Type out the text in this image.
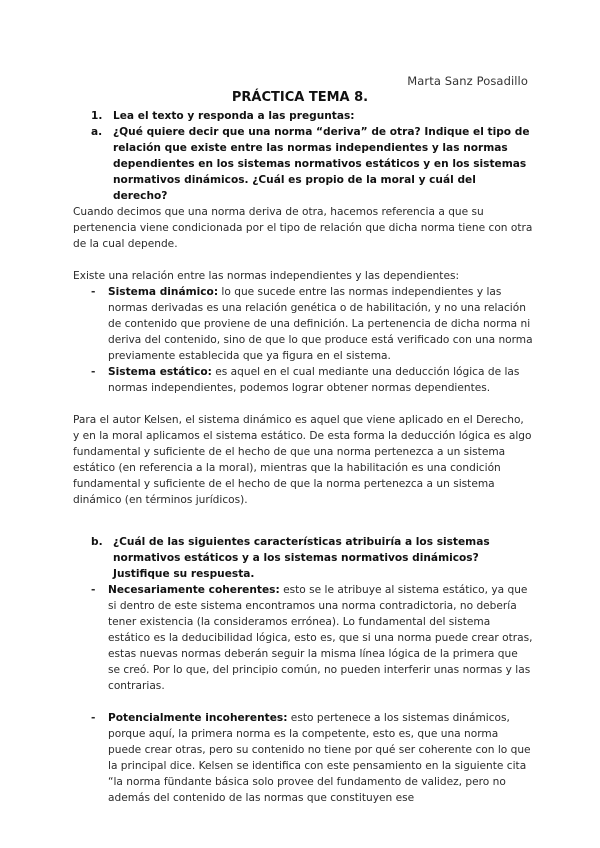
Marta Sanz Posadillo
PRÁCTICA TEMA 8.
1. Lea el texto y responda a las preguntas:
a.	¿Qué quiere decir que una norma “deriva” de otra? Indique el tipo de relación que existe entre las normas independientes y las normas dependientes en los sistemas normativos estáticos y en los sistemas normativos dinámicos. ¿Cuál es propio de la moral y cuál del derecho?

Cuando decimos que una norma deriva de otra, hacemos referencia a que su pertenencia viene condicionada por el tipo de relación que dicha norma tiene con otra de la cual depende.

Existe una relación entre las normas independientes y las dependientes:

-	Sistema dinámico: lo que sucede entre las normas independientes y las normas derivadas es una relación genética o de habilitación, y no una relación de contenido que proviene de una definición. La pertenencia de dicha norma ni deriva del contenido, sino de que lo que produce está verificado con una norma previamente establecida que ya figura en el sistema.
-	Sistema estático: es aquel en el cual mediante una deducción lógica de las normas independientes, podemos lograr obtener normas dependientes.

Para el autor Kelsen, el sistema dinámico es aquel que viene aplicado en el Derecho, y en la moral aplicamos el sistema estático. De esta forma la deducción lógica es algo fundamental y suficiente de el hecho de que una norma pertenezca a un sistema estático (en referencia a la moral), mientras que la habilitación es una condición fundamental y suficiente de el hecho de que la norma pertenezca a un sistema dinámico (en términos jurídicos).

b. ¿Cuál de las siguientes características atribuiría a los sistemas normativos estáticos y a los sistemas normativos dinámicos? Justifique su respuesta.
-	Necesariamente coherentes: esto se le atribuye al sistema estático, ya que si dentro de este sistema encontramos una norma contradictoria, no debería tener existencia (la consideramos errónea). Lo fundamental del sistema estático es la deducibilidad lógica, esto es, que si una norma puede crear otras, estas nuevas normas deberán seguir la misma línea lógica de la primera que se creó. Por lo que, del principio común, no pueden interferir unas normas y las contrarias.
-	Potencialmente incoherentes: esto pertenece a los sistemas dinámicos, porque aquí, la primera norma es la competente, esto es, que una norma puede crear otras, pero su contenido no tiene por qué ser coherente con lo que la principal dice. Kelsen se identifica con este pensamiento en la siguiente cita “la norma fündante básica solo provee del fundamento de validez, pero no además del contenido de las normas que constituyen ese
